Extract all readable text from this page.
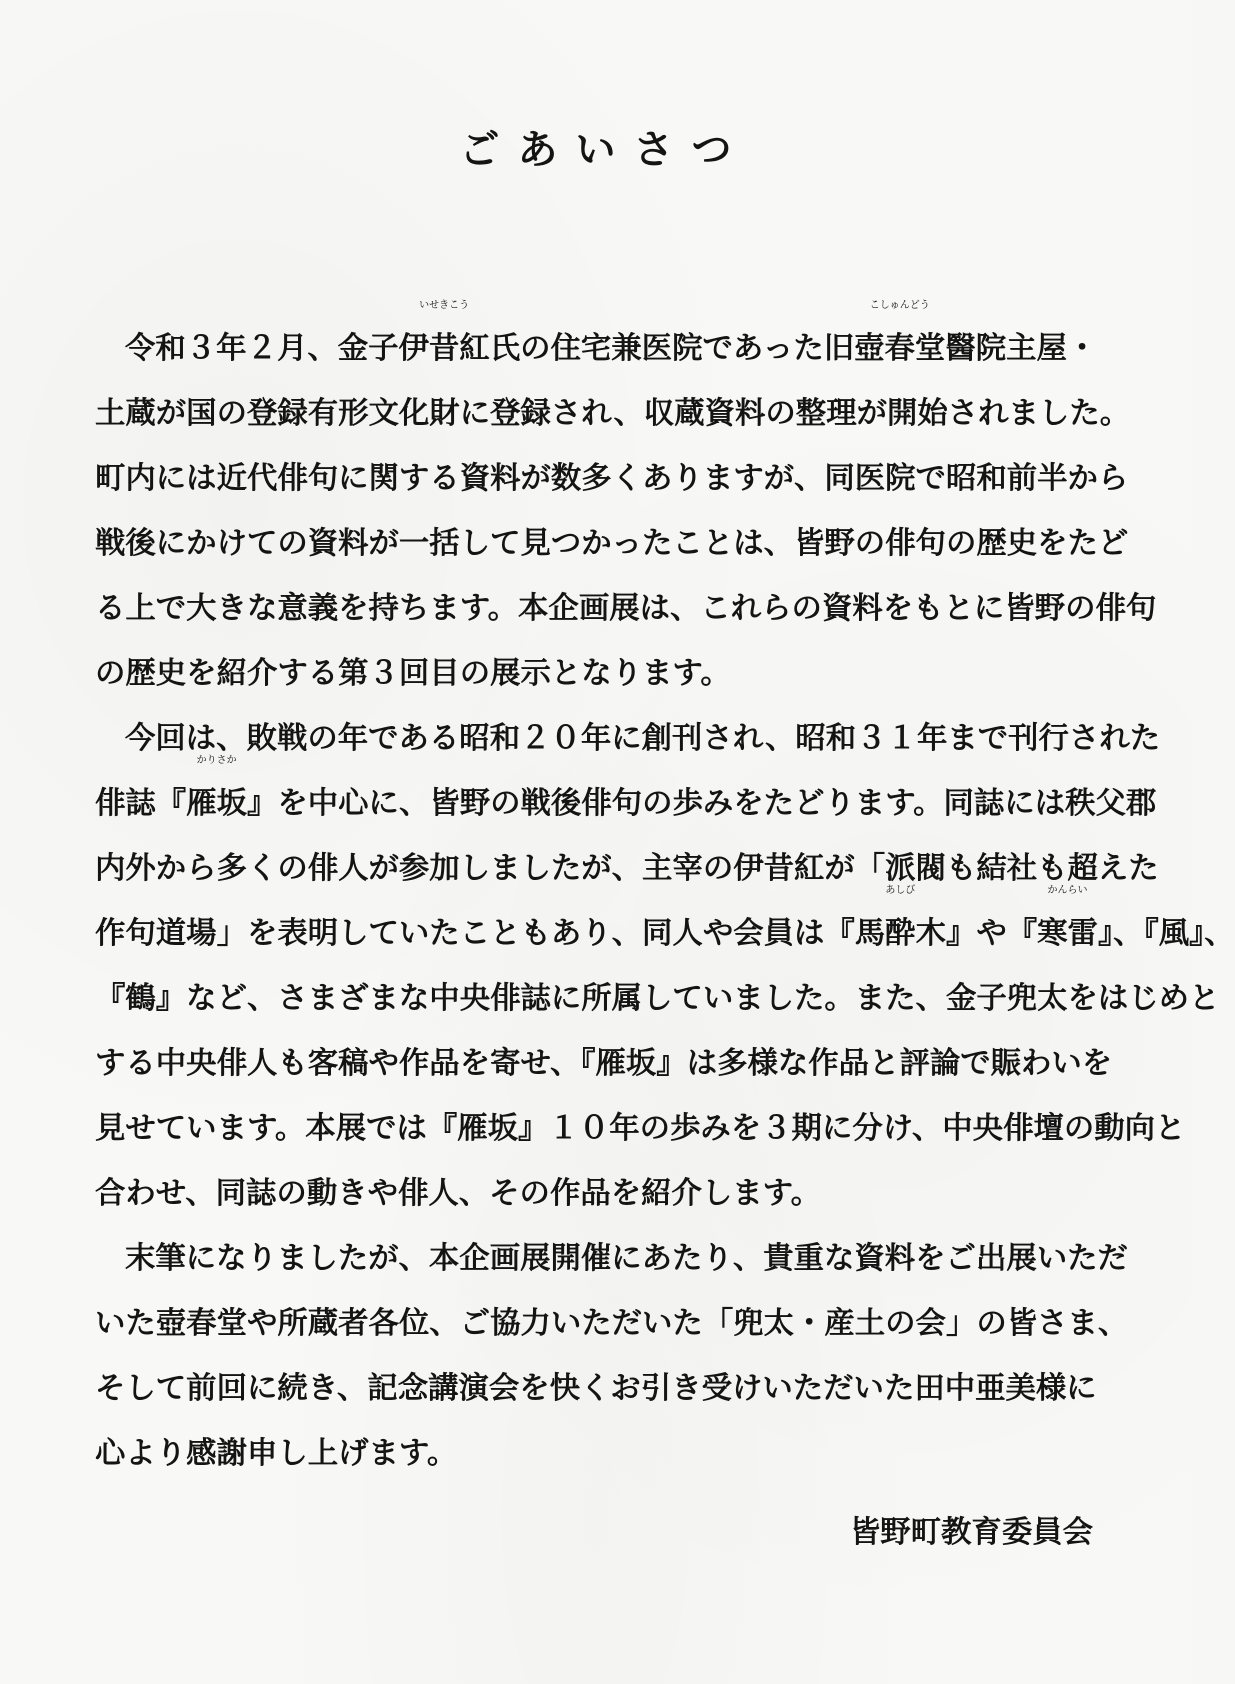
ごあいさつ
令和３年２月、金子
いせきこう
伊昔紅氏の住宅兼医院であった旧
こしゅんどう
壺春堂醫院主屋・
土蔵が国の登録有形文化財に登録され、収蔵資料の整理が開始されました。
町内には近代俳句に関する資料が数多くありますが、同医院で昭和前半から
戦後にかけての資料が一括して見つかったことは、皆野の俳句の歴史をたど
る上で大きな意義を持ちます。本企画展は、これらの資料をもとに皆野の俳句
の歴史を紹介する第３回目の展示となります。
今回は、敗戦の年である昭和２０年に創刊され、昭和３１年まで刊行された
俳誌『
かりさか
雁坂』を中心に、皆野の戦後俳句の歩みをたどります。同誌には秩父郡
内外から多くの俳人が参加しましたが、主宰の伊昔紅が「派閥も結社も超えた
作句道場」を表明していたこともあり、同人や会員は『
あしび
馬酔木』や『
かんらい
寒雷』、『風』、
『鶴』など、さまざまな中央俳誌に所属していました。また、金子兜太をはじめと
する中央俳人も客稿や作品を寄せ、『雁坂』は多様な作品と評論で賑わいを
見せています。本展では『雁坂』１０年の歩みを３期に分け、中央俳壇の動向と
合わせ、同誌の動きや俳人、その作品を紹介します。
末筆になりましたが、本企画展開催にあたり、貴重な資料をご出展いただ
いた壺春堂や所蔵者各位、ご協力いただいた「兜太・産土の会」の皆さま、
そして前回に続き、記念講演会を快くお引き受けいただいた田中亜美様に
心より感謝申し上げます。
皆野町教育委員会
